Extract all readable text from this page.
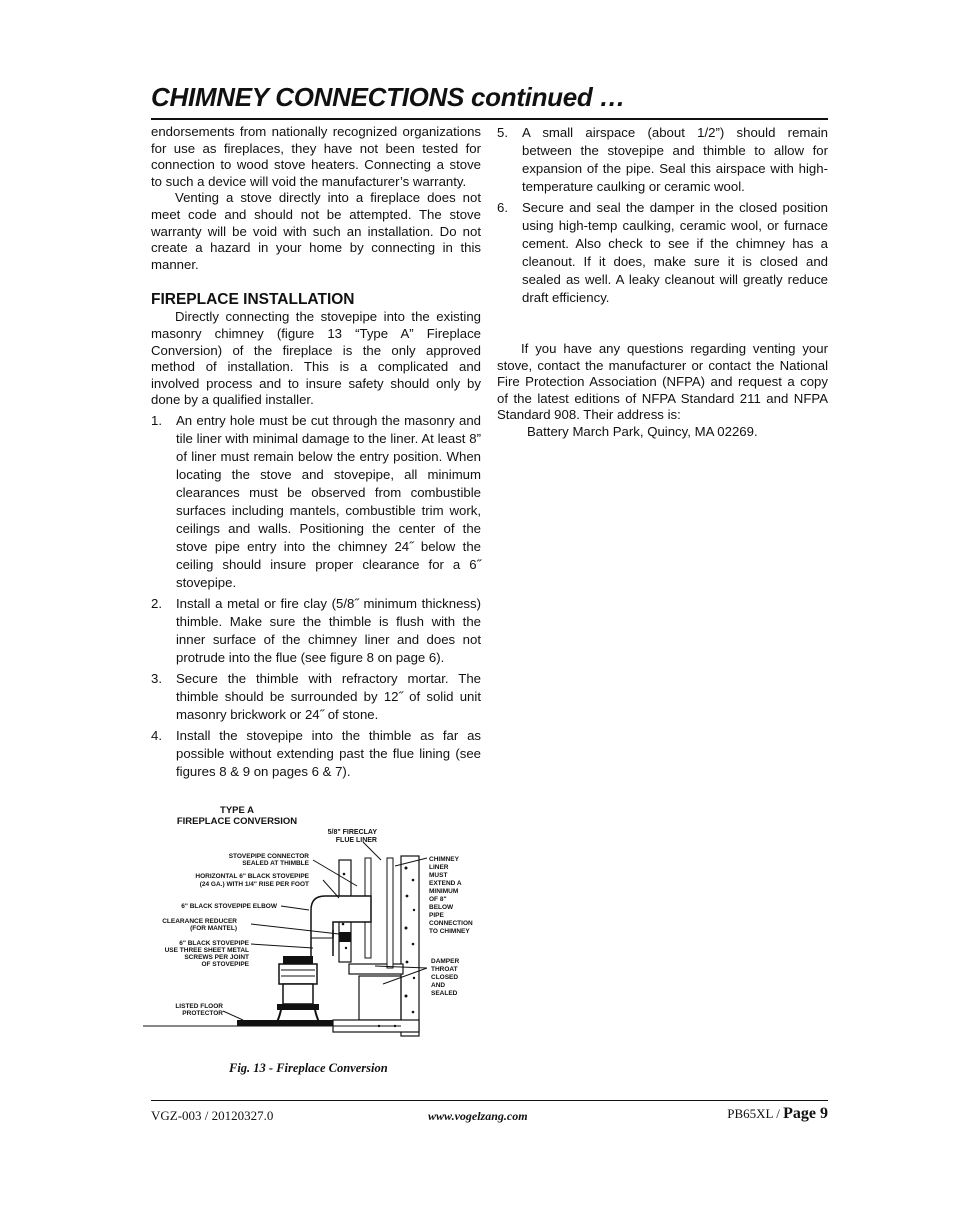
CHIMNEY CONNECTIONS continued …

endorsements from nationally recognized organizations for use as fireplaces, they have not been tested for connection to wood stove heaters. Connecting a stove to such a device will void the manufacturer’s warranty.

Venting a stove directly into a fireplace does not meet code and should not be attempted. The stove warranty will be void with such an installation. Do not create a hazard in your home by connecting in this manner.

FIREPLACE INSTALLATION

Directly connecting the stovepipe into the existing masonry chimney (figure 13 “Type A” Fireplace Conversion) of the fireplace is the only approved method of installation. This is a complicated and involved process and to insure safety should only by done by a qualified installer.

1. An entry hole must be cut through the masonry and tile liner with minimal damage to the liner. At least 8” of liner must remain below the entry position. When locating the stove and stovepipe, all minimum clearances must be observed from combustible surfaces including mantels, combustible trim work, ceilings and walls. Positioning the center of the stove pipe entry into the chimney 24˝ below the ceiling should insure proper clearance for a 6˝ stovepipe.
2. Install a metal or fire clay (5/8˝ minimum thickness) thimble. Make sure the thimble is flush with the inner surface of the chimney liner and does not protrude into the flue (see figure 8 on page 6).
3. Secure the thimble with refractory mortar. The thimble should be surrounded by 12˝ of solid unit masonry brickwork or 24˝ of stone.
4. Install the stovepipe into the thimble as far as possible without extending past the flue lining (see figures 8 & 9 on pages 6 & 7).
5. A small airspace (about 1/2”) should remain between the stovepipe and thimble to allow for expansion of the pipe. Seal this airspace with high-temperature caulking or ceramic wool.
6. Secure and seal the damper in the closed position using high-temp caulking, ceramic wool, or furnace cement. Also check to see if the chimney has a cleanout. If it does, make sure it is closed and sealed as well. A leaky cleanout will greatly reduce draft efficiency.

If you have any questions regarding venting your stove, contact the manufacturer or contact the National Fire Protection Association (NFPA) and request a copy of the latest editions of NFPA Standard 211 and NFPA Standard 908. Their address is:

Battery March Park, Quincy, MA 02269.

TYPE A
FIREPLACE CONVERSION
5/8" FIRECLAY
FLUE LINER
STOVEPIPE CONNECTOR
SEALED AT THIMBLE
HORIZONTAL 6" BLACK STOVEPIPE
(24 GA.) WITH 1/4" RISE PER FOOT
6" BLACK STOVEPIPE ELBOW
CLEARANCE REDUCER
(FOR MANTEL)
6" BLACK STOVEPIPE
USE THREE SHEET METAL
SCREWS PER JOINT
OF STOVEPIPE
LISTED FLOOR
PROTECTOR
CHIMNEY
LINER
MUST
EXTEND A
MINIMUM
OF 8"
BELOW
PIPE
CONNECTION
TO CHIMNEY
DAMPER
THROAT
CLOSED
AND
SEALED
Fig. 13 - Fireplace Conversion
VGZ-003 / 20120327.0	www.vogelzang.com	PB65XL / Page 9
